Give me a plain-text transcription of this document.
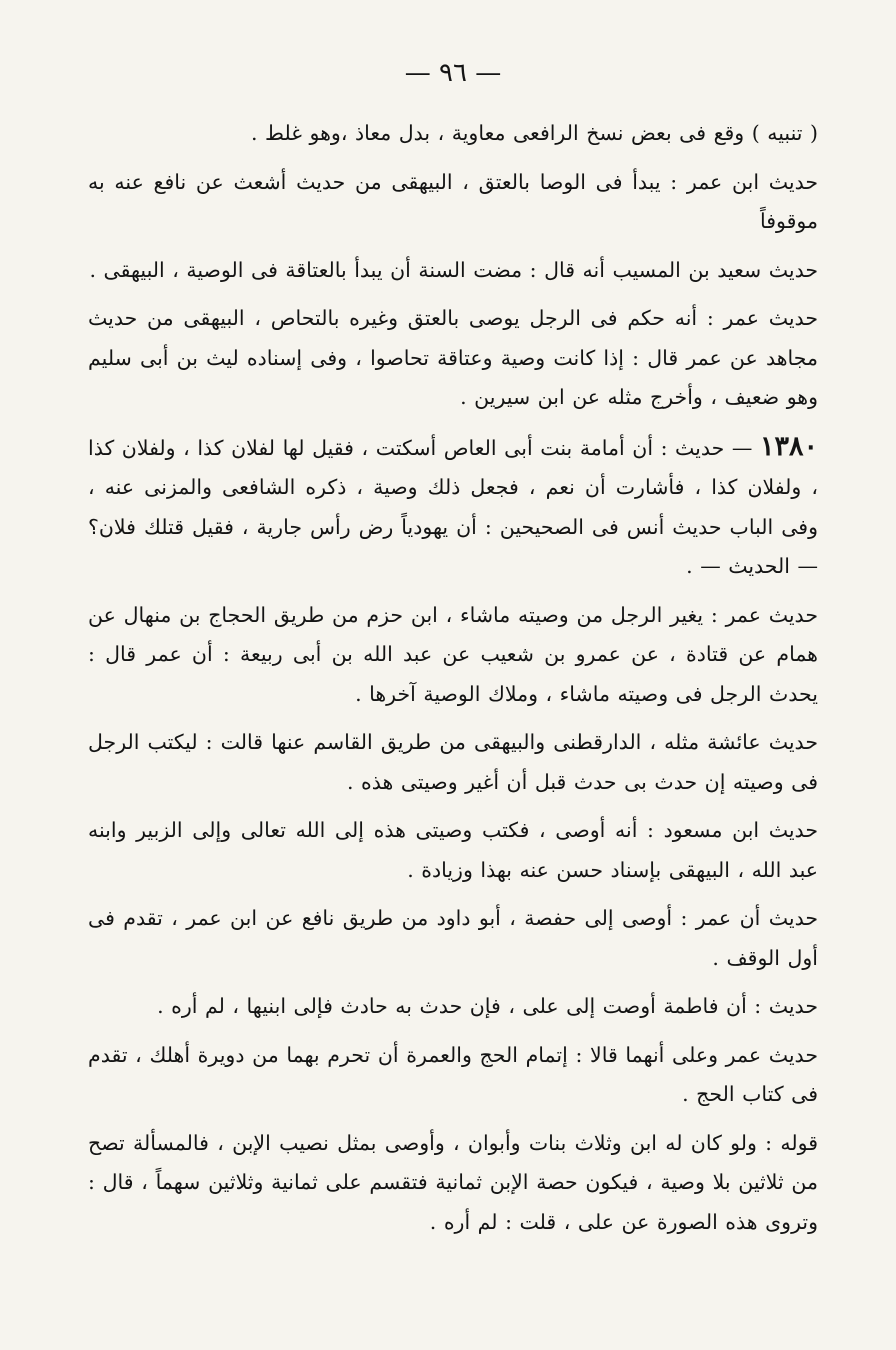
— ٩٦ —

( تنبيه ) وقع فى بعض نسخ الرافعى معاوية ، بدل معاذ ،وهو غلط .

حديث ابن عمر : يبدأ فى الوصا بالعتق ، البيهقى من حديث أشعث عن نافع عنه به موقوفاً

حديث سعيد بن المسيب أنه قال : مضت السنة أن يبدأ بالعتاقة فى الوصية ، البيهقى .

حديث عمر : أنه حكم فى الرجل يوصى بالعتق وغيره بالتحاص ، البيهقى من حديث مجاهد عن عمر قال : إذا كانت وصية وعتاقة تحاصوا ، وفى إسناده ليث بن أبى سليم وهو ضعيف ، وأخرج مثله عن ابن سيرين .

١٣٨٠ — حديث : أن أمامة بنت أبى العاص أسكتت ، فقيل لها لفلان كذا ، ولفلان كذا ، ولفلان كذا ، فأشارت أن نعم ، فجعل ذلك وصية ، ذكره الشافعى والمزنى عنه ، وفى الباب حديث أنس فى الصحيحين : أن يهودياً رض رأس جارية ، فقيل قتلك فلان؟ — الحديث — .

حديث عمر : يغير الرجل من وصيته ماشاء ، ابن حزم من طريق الحجاج بن منهال عن همام عن قتادة ، عن عمرو بن شعيب عن عبد الله بن أبى ربيعة : أن عمر قال : يحدث الرجل فى وصيته ماشاء ، وملاك الوصية آخرها .

حديث عائشة مثله ، الدارقطنى والبيهقى من طريق القاسم عنها قالت : ليكتب الرجل فى وصيته إن حدث بى حدث قبل أن أغير وصيتى هذه .

حديث ابن مسعود : أنه أوصى ، فكتب وصيتى هذه إلى الله تعالى وإلى الزبير وابنه عبد الله ، البيهقى بإسناد حسن عنه بهذا وزيادة .

حديث أن عمر : أوصى إلى حفصة ، أبو داود من طريق نافع عن ابن عمر ، تقدم فى أول الوقف .

حديث : أن فاطمة أوصت إلى على ، فإن حدث به حادث فإلى ابنيها ، لم أره .

حديث عمر وعلى أنهما قالا : إتمام الحج والعمرة أن تحرم بهما من دويرة أهلك ، تقدم فى كتاب الحج .

قوله : ولو كان له ابن وثلاث بنات وأبوان ، وأوصى بمثل نصيب الإبن ، فالمسألة تصح من ثلاثين بلا وصية ، فيكون حصة الإبن ثمانية فتقسم على ثمانية وثلاثين سهماً ، قال : وتروى هذه الصورة عن على ، قلت : لم أره .
